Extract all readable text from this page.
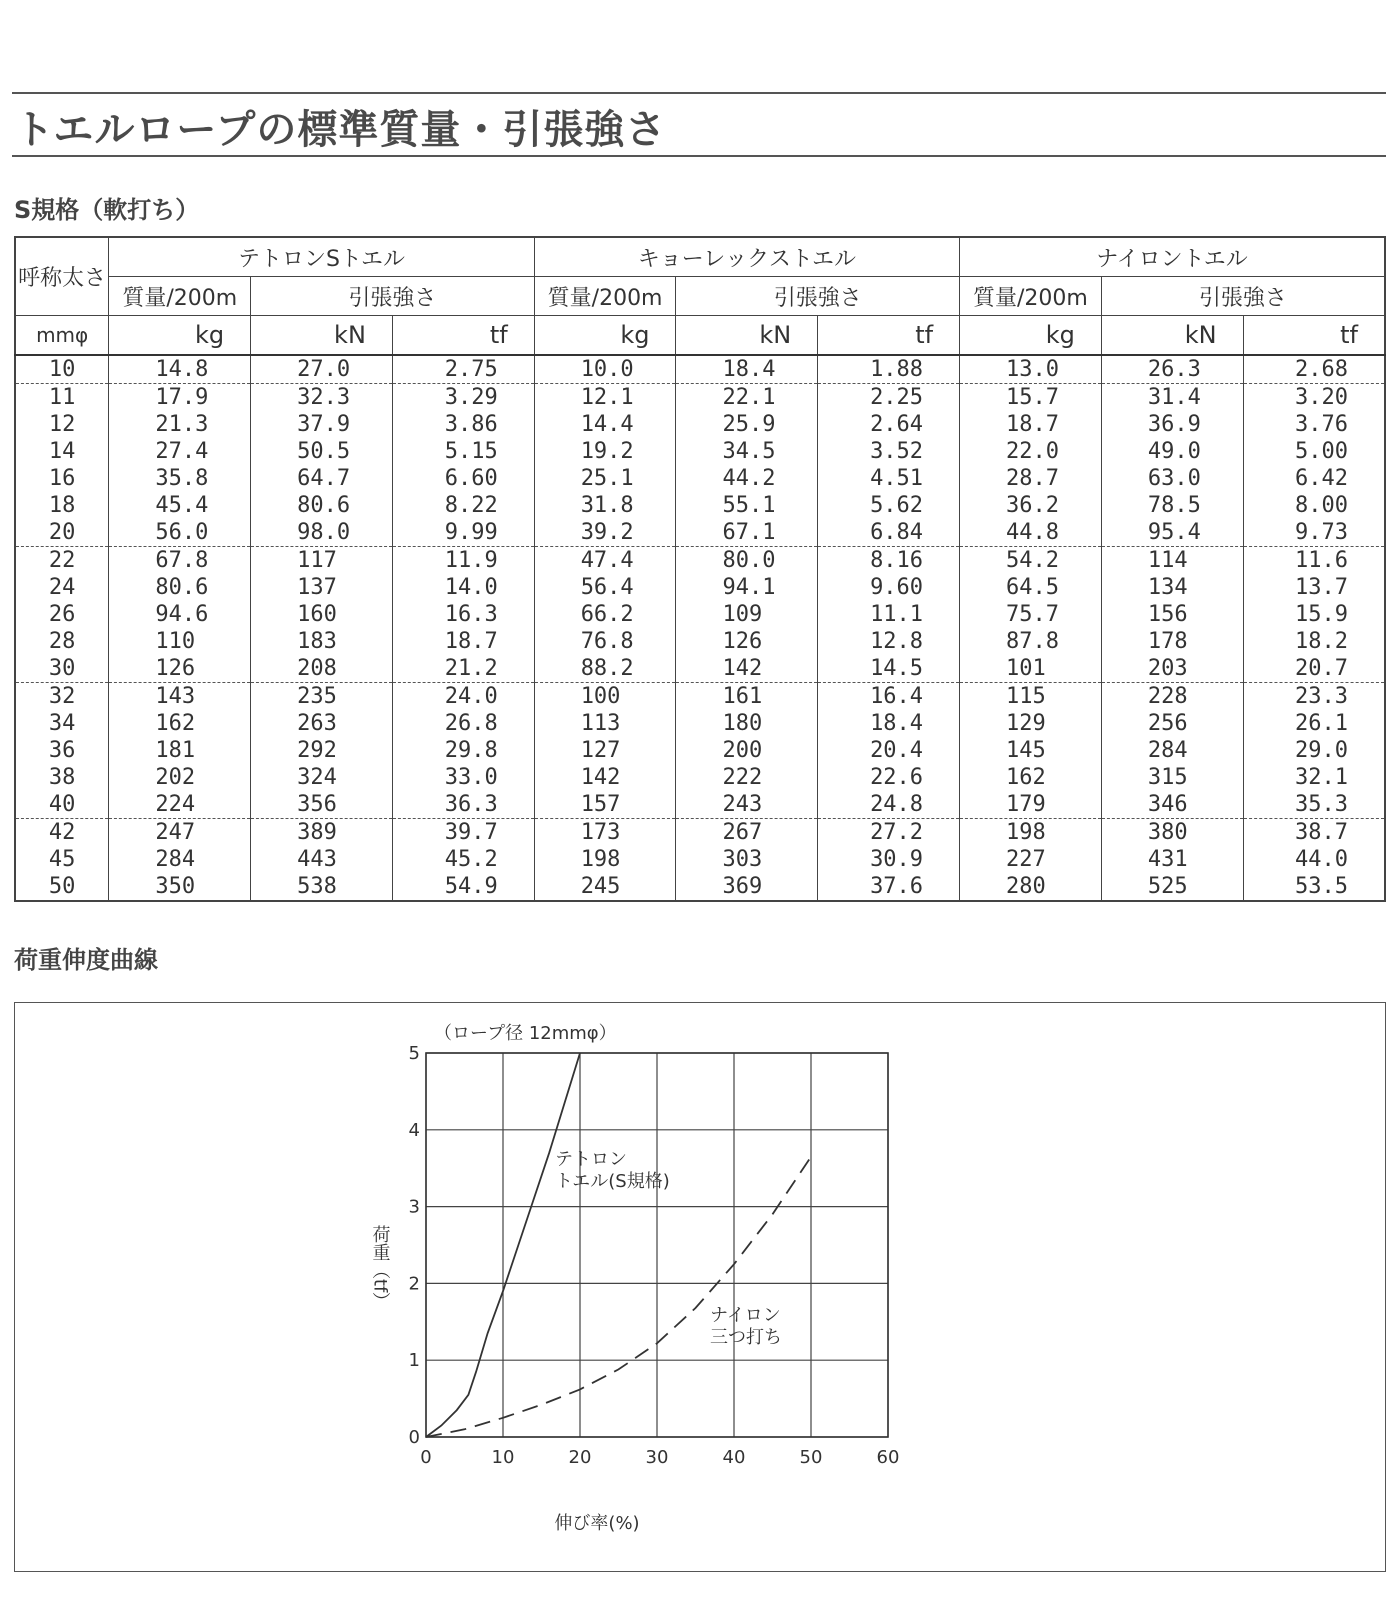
トエルロープの標準質量・引張強さ
S規格（軟打ち）
呼称太さ	テトロンSトエル			キョーレックストエル			ナイロントエル		
	質量/200m	引張強さ		質量/200m	引張強さ		質量/200m	引張強さ	
mmφ	kg	kN	tf	kg	kN	tf	kg	kN	tf
10	14.8	27.0	2.75	10.0	18.4	1.88	13.0	26.3	2.68
11	17.9	32.3	3.29	12.1	22.1	2.25	15.7	31.4	3.20
12	21.3	37.9	3.86	14.4	25.9	2.64	18.7	36.9	3.76
14	27.4	50.5	5.15	19.2	34.5	3.52	22.0	49.0	5.00
16	35.8	64.7	6.60	25.1	44.2	4.51	28.7	63.0	6.42
18	45.4	80.6	8.22	31.8	55.1	5.62	36.2	78.5	8.00
20	56.0	98.0	9.99	39.2	67.1	6.84	44.8	95.4	9.73
22	67.8	117	11.9	47.4	80.0	8.16	54.2	114	11.6
24	80.6	137	14.0	56.4	94.1	9.60	64.5	134	13.7
26	94.6	160	16.3	66.2	109	11.1	75.7	156	15.9
28	110	183	18.7	76.8	126	12.8	87.8	178	18.2
30	126	208	21.2	88.2	142	14.5	101	203	20.7
32	143	235	24.0	100	161	16.4	115	228	23.3
34	162	263	26.8	113	180	18.4	129	256	26.1
36	181	292	29.8	127	200	20.4	145	284	29.0
38	202	324	33.0	142	222	22.6	162	315	32.1
40	224	356	36.3	157	243	24.8	179	346	35.3
42	247	389	39.7	173	267	27.2	198	380	38.7
45	284	443	45.2	198	303	30.9	227	431	44.0
50	350	538	54.9	245	369	37.6	280	525	53.5
荷重伸度曲線
0	10	20	30	40	50	60
0
1
2
3
4
5
（ロープ径 12mmφ）
伸び率(%)
荷重（tf）
テトロン
トエル(S規格)
ナイロン
三つ打ち
